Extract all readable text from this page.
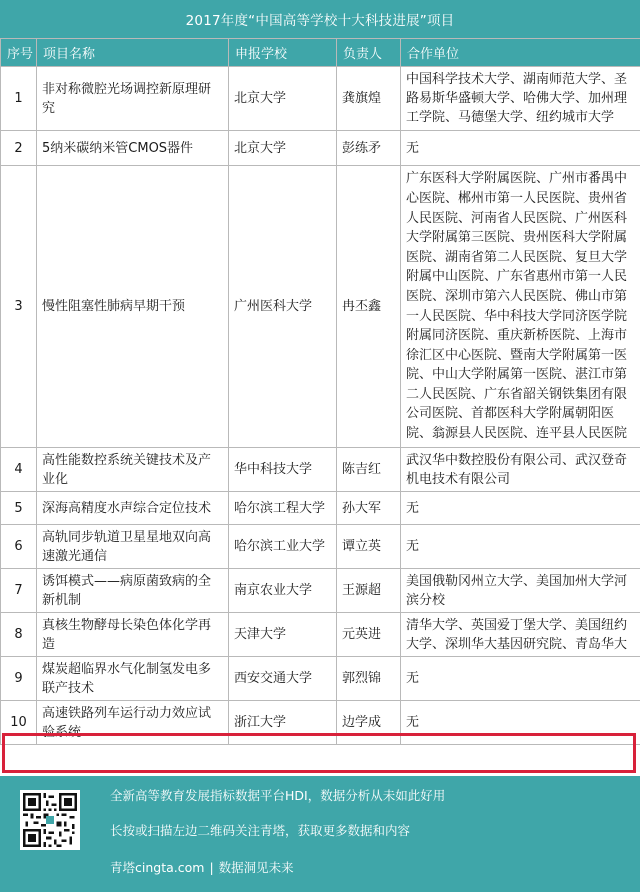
2017年度“中国高等学校十大科技进展”项目
序号	项目名称	申报学校	负责人	合作单位
1	非对称微腔光场调控新原理研究	北京大学	龚旗煌	中国科学技术大学、湖南师范大学、圣路易斯华盛顿大学、哈佛大学、加州理工学院、马德堡大学、纽约城市大学
2	5纳米碳纳米管CMOS器件	北京大学	彭练矛	无
3	慢性阻塞性肺病早期干预	广州医科大学	冉丕鑫	广东医科大学附属医院、广州市番禺中心医院、郴州市第一人民医院、贵州省人民医院、河南省人民医院、广州医科大学附属第三医院、贵州医科大学附属医院、湖南省第二人民医院、复旦大学附属中山医院、广东省惠州市第一人民医院、深圳市第六人民医院、佛山市第一人民医院、华中科技大学同济医学院附属同济医院、重庆新桥医院、上海市徐汇区中心医院、暨南大学附属第一医院、中山大学附属第一医院、湛江市第二人民医院、广东省韶关钢铁集团有限公司医院、首都医科大学附属朝阳医院、翁源县人民医院、连平县人民医院
4	高性能数控系统关键技术及产业化	华中科技大学	陈吉红	武汉华中数控股份有限公司、武汉登奇机电技术有限公司
5	深海高精度水声综合定位技术	哈尔滨工程大学	孙大军	无
6	高轨同步轨道卫星星地双向高速激光通信	哈尔滨工业大学	谭立英	无
7	诱饵模式——病原菌致病的全新机制	南京农业大学	王源超	美国俄勒冈州立大学、美国加州大学河滨分校
8	真核生物酵母长染色体化学再造	天津大学	元英进	清华大学、英国爱丁堡大学、美国纽约大学、深圳华大基因研究院、青岛华大
9	煤炭超临界水气化制氢发电多联产技术	西安交通大学	郭烈锦	无
10	高速铁路列车运行动力效应试验系统	浙江大学	边学成	无
全新高等教育发展指标数据平台HDI，数据分析从未如此好用
长按或扫描左边二维码关注青塔，获取更多数据和内容
青塔cingta.com | 数据洞见未来
